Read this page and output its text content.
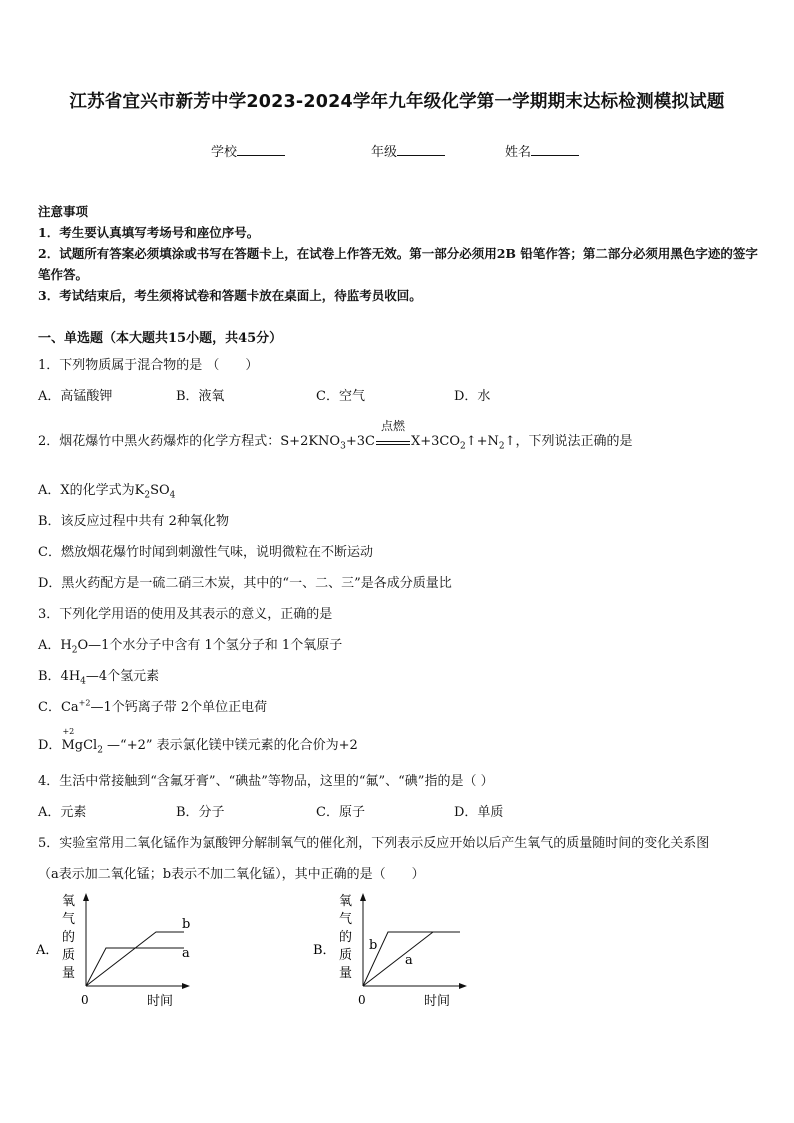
江苏省宜兴市新芳中学2023-2024学年九年级化学第一学期期末达标检测模拟试题
学校	年级	姓名
注意事项
1．考生要认真填写考场号和座位序号。
2．试题所有答案必须填涂或书写在答题卡上，在试卷上作答无效。第一部分必须用2B 铅笔作答；第二部分必须用黑色字迹的签字笔作答。
3．考试结束后，考生须将试卷和答题卡放在桌面上，待监考员收回。
一、单选题（本大题共15小题，共45分）
1．下列物质属于混合物的是 （　　）
A．高锰酸钾	B．液氧	C．空气	D．水
2．烟花爆竹中黑火药爆炸的化学方程式：$S+2KNO_3+3C$
点燃
$X+3CO_2↑+N_2↑$，下列说法正确的是
A．X的化学式为$K_2SO_4$
B．该反应过程中共有 2种氧化物
C．燃放烟花爆竹时闻到刺激性气味，说明微粒在不断运动
D．黑火药配方是一硫二硝三木炭，其中的“一、二、三”是各成分质量比
3．下列化学用语的使用及其表示的意义，正确的是
A．$H_2O—1$个水分子中含有 1个氢分子和 1个氧原子
B．$4H_4—4$个氢元素
C．$Ca^{+2}—1$个钙离子带 2个单位正电荷
D．
+2
MgCl$_2$ —“+2” 表示氯化镁中镁元素的化合价为+2
4．生活中常接触到“含氟牙膏”、“碘盐”等物品，这里的“氟”、“碘”指的是（ ）
A．元素	B．分子	C．原子	D．单质
5．实验室常用二氧化锰作为氯酸钾分解制氧气的催化剂，下列表示反应开始以后产生氧气的质量随时间的变化关系图
（a表示加二氧化锰；b表示不加二氧化锰），其中正确的是（　　）
A．
氧
气
的
质
量
b
a
0	时间
B．
氧
气
的
质
量
b
a
0	时间
